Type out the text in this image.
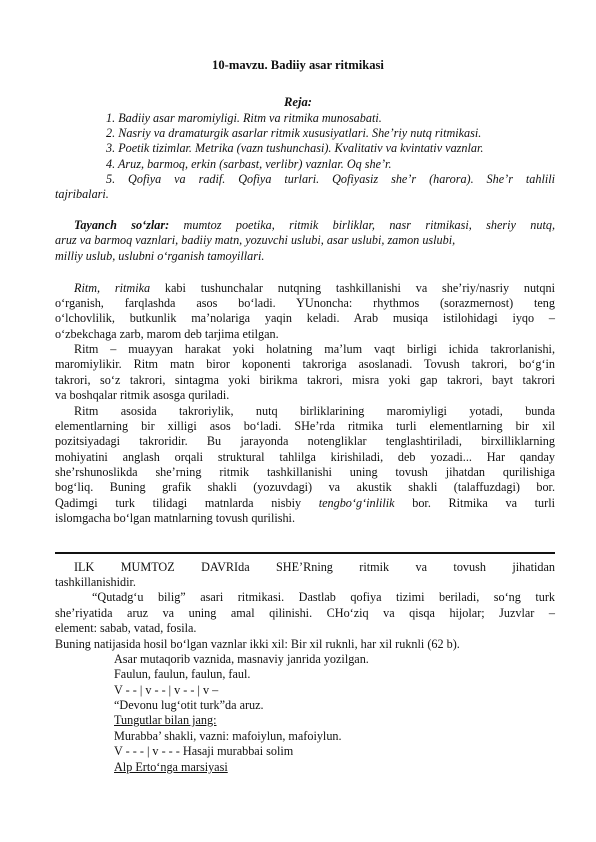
10-mavzu. Badiiy asar ritmikasi
Reja:
1. Badiiy asar maromiyligi. Ritm va ritmika munosabati.
2. Nasriy va dramaturgik asarlar ritmik xususiyatlari. She’riy nutq ritmikasi.
3. Poetik tizimlar. Metrika (vazn tushunchasi). Kvalitativ va kvintativ vaznlar.
4. Aruz, barmoq, erkin (sarbast, verlibr) vaznlar. Oq she’r.
5. Qofiya va radif. Qofiya turlari. Qofiyasiz she’r (harora). She’r tahlili
tajribalari.
Tayanch so‘zlar: mumtoz poetika, ritmik birliklar, nasr ritmikasi, sheriy nutq,
aruz va barmoq vaznlari, badiiy matn, yozuvchi uslubi, asar uslubi, zamon uslubi,
milliy uslub, uslubni o‘rganish tamoyillari.
Ritm, ritmika kabi tushunchalar nutqning tashkillanishi va she’riy/nasriy nutqni
o‘rganish, farqlashda asos bo‘ladi. YUnoncha: rhythmos (sorazmernost) teng
o‘lchovlilik, butkunlik ma’nolariga yaqin keladi. Arab musiqa istilohidagi iyqo –
o‘zbekchaga zarb, marom deb tarjima etilgan.
Ritm – muayyan harakat yoki holatning ma’lum vaqt birligi ichida takrorlanishi,
maromiylikir. Ritm matn biror koponenti takroriga asoslanadi. Tovush takrori, bo‘g‘in
takrori, so‘z takrori, sintagma yoki birikma takrori, misra yoki gap takrori, bayt takrori
va boshqalar ritmik asosga quriladi.
Ritm asosida takroriylik, nutq birliklarining maromiyligi yotadi, bunda
elementlarning bir xilligi asos bo‘ladi. SHe’rda ritmika turli elementlarning bir xil
pozitsiyadagi takroridir. Bu jarayonda notengliklar tenglashtiriladi, birxilliklarning
mohiyatini anglash orqali struktural tahlilga kirishiladi, deb yozadi... Har qanday
she’rshunoslikda she’rning ritmik tashkillanishi uning tovush jihatdan qurilishiga
bog‘liq. Buning grafik shakli (yozuvdagi) va akustik shakli (talaffuzdagi) bor.
Qadimgi turk tilidagi matnlarda nisbiy tengbo‘g‘inlilik bor. Ritmika va turli
islomgacha bo‘lgan matnlarning tovush qurilishi.
ILK MUMTOZ DAVRIda SHE’Rning ritmik va tovush jihatidan
tashkillanishidir.
“Qutadg‘u bilig” asari ritmikasi. Dastlab qofiya tizimi beriladi, so‘ng turk
she’riyatida aruz va uning amal qilinishi. CHo‘ziq va qisqa hijolar; Juzvlar –
element: sabab, vatad, fosila.
Buning natijasida hosil bo‘lgan vaznlar ikki xil: Bir xil ruknli, har xil ruknli (62 b).
Asar mutaqorib vaznida, masnaviy janrida yozilgan.
Faulun, faulun, faulun, faul.
V - - | v - - | v - - | v –
“Devonu lug‘otit turk”da aruz.
Tungutlar bilan jang:
Murabba’ shakli, vazni: mafoiylun, mafoiylun.
V - - - | v - - - Hasaji murabbai solim
Alp Erto‘nga marsiyasi
